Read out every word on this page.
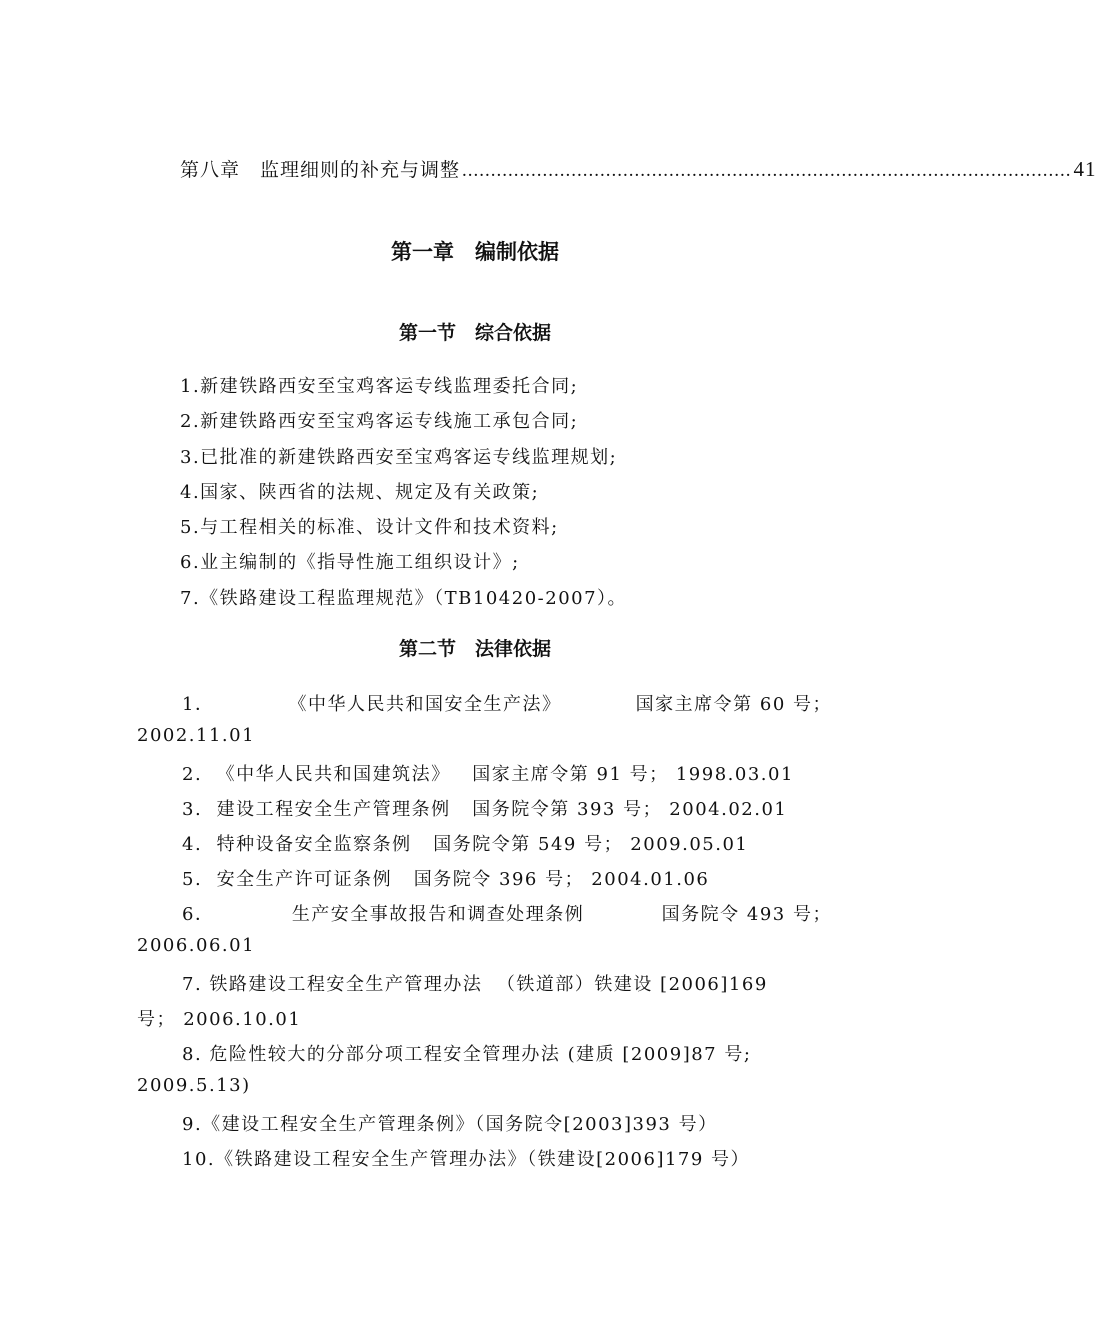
第八章　监理细则的补充与调整 .......................................................................................................... 41
第一章　编制依据
第一节　综合依据
1.新建铁路西安至宝鸡客运专线监理委托合同;
2.新建铁路西安至宝鸡客运专线施工承包合同;
3.已批准的新建铁路西安至宝鸡客运专线监理规划;
4.国家、陕西省的法规、规定及有关政策;
5.与工程相关的标准、设计文件和技术资料;
6.业主编制的《指导性施工组织设计》;
7.《铁路建设工程监理规范》（TB10420-2007）。
第二节　法律依据
1．	《中华人民共和国安全生产法》	国家主席令第 60 号；
2002.11.01
2.  《中华人民共和国建筑法》   国家主席令第 91 号； 1998.03.01
3.  建设工程安全生产管理条例   国务院令第 393 号； 2004.02.01
4.  特种设备安全监察条例   国务院令第 549 号； 2009.05.01
5.  安全生产许可证条例   国务院令 396 号； 2004.01.06
6．	生产安全事故报告和调查处理条例	国务院令 493 号；
2006.06.01
7. 铁路建设工程安全生产管理办法  （铁道部）铁建设 [2006]169
号； 2006.10.01
8. 危险性较大的分部分项工程安全管理办法 (建质 [2009]87 号;
2009.5.13)
9.《建设工程安全生产管理条例》（国务院令[2003]393 号）
10.《铁路建设工程安全生产管理办法》（铁建设[2006]179 号）
